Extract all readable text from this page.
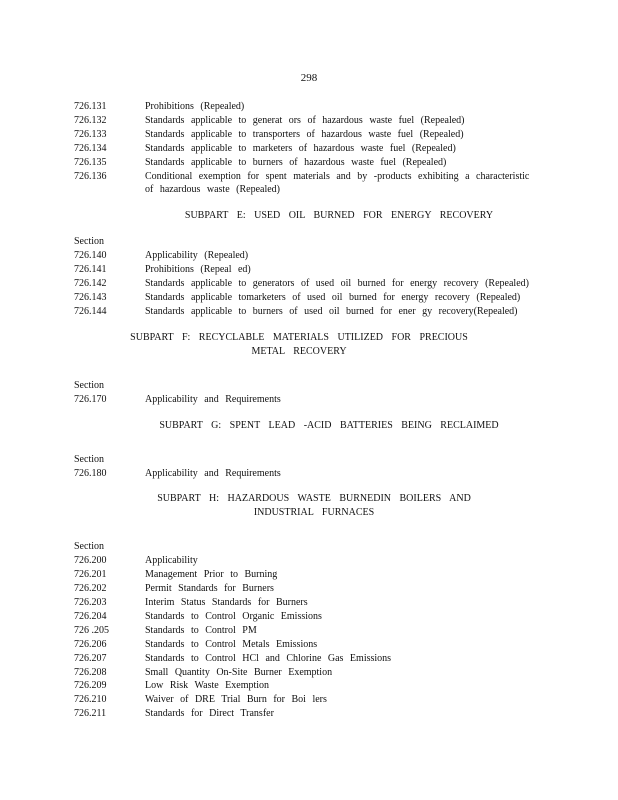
298
726.131	Prohibitions (Repealed)
726.132	Standards applicable to generat ors of hazardous waste fuel (Repealed)
726.133	Standards applicable to transporters of hazardous waste fuel (Repealed)
726.134	Standards applicable to marketers of hazardous waste fuel (Repealed)
726.135	Standards applicable to burners of hazardous waste fuel (Repealed)
726.136	Conditional exemption for spent materials and by -products exhibiting a characteristic of hazardous waste (Repealed)
SUBPART E: USED OIL BURNED FOR ENERGY RECOVERY
Section
726.140	Applicability (Repealed)
726.141	Prohibitions (Repeal ed)
726.142	Standards applicable to generators of used oil burned for energy recovery (Repealed)
726.143	Standards applicable tomarketers of used oil burned for energy recovery (Repealed)
726.144	Standards applicable to burners of used oil burned for ener gy recovery(Repealed)
SUBPART F: RECYCLABLE MATERIALS UTILIZED FOR PRECIOUS METAL RECOVERY
Section
726.170	Applicability and Requirements
SUBPART G: SPENT LEAD -ACID BATTERIES BEING RECLAIMED
Section
726.180	Applicability and Requirements
SUBPART H: HAZARDOUS WASTE BURNEDIN BOILERS AND INDUSTRIAL FURNACES
Section
726.200	Applicability
726.201	Management Prior to Burning
726.202	Permit Standards for Burners
726.203	Interim Status Standards for Burners
726.204	Standards to Control Organic Emissions
726 .205	Standards to Control PM
726.206	Standards to Control Metals Emissions
726.207	Standards to Control HCl and Chlorine Gas Emissions
726.208	Small Quantity On-Site Burner Exemption
726.209	Low Risk Waste Exemption
726.210	Waiver of DRE Trial Burn for Boi lers
726.211	Standards for Direct Transfer
